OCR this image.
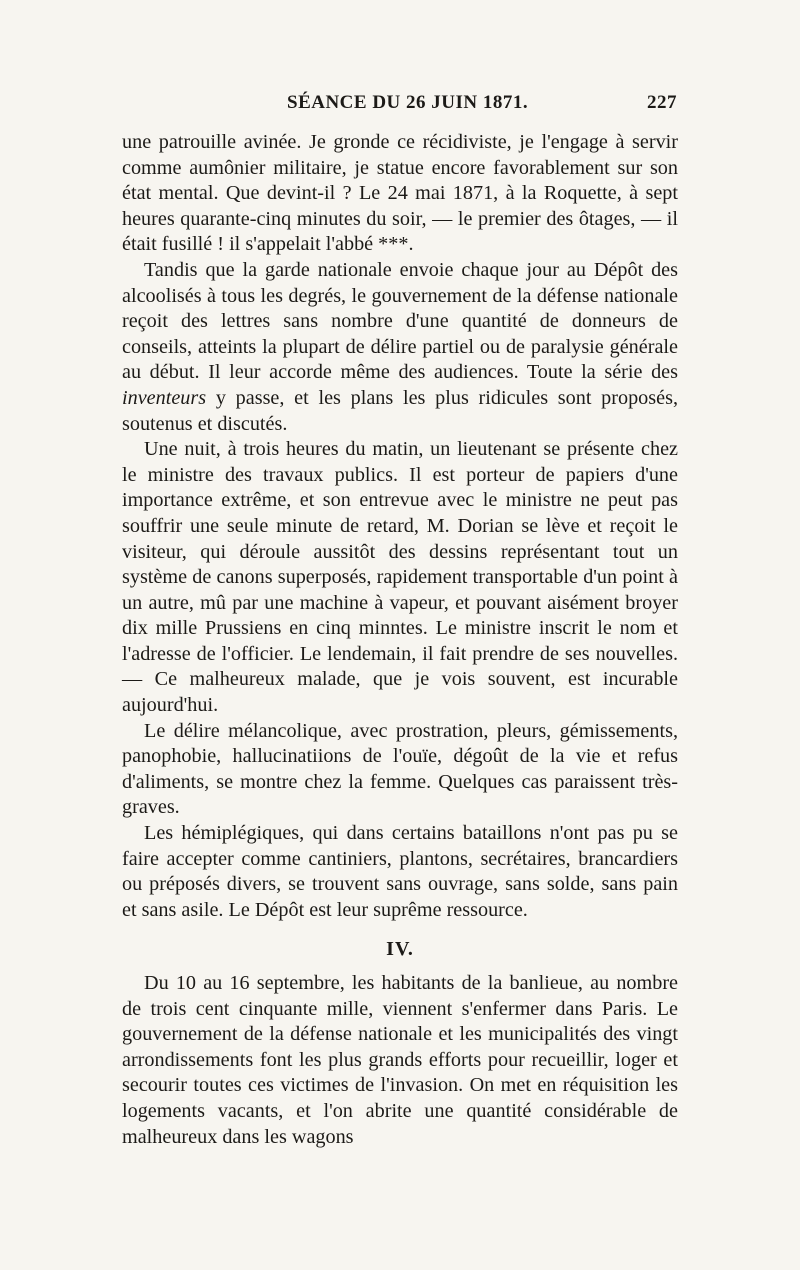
SÉANCE DU 26 JUIN 1871.	227

une patrouille avinée. Je gronde ce récidiviste, je l'engage à servir comme aumônier militaire, je statue encore favorablement sur son état mental. Que devint-il ? Le 24 mai 1871, à la Roquette, à sept heures quarante-cinq minutes du soir, — le premier des ôtages, — il était fusillé ! il s'appelait l'abbé ***.

Tandis que la garde nationale envoie chaque jour au Dépôt des alcoolisés à tous les degrés, le gouvernement de la défense nationale reçoit des lettres sans nombre d'une quantité de donneurs de conseils, atteints la plupart de délire partiel ou de paralysie générale au début. Il leur accorde même des audiences. Toute la série des inventeurs y passe, et les plans les plus ridicules sont proposés, soutenus et discutés.

Une nuit, à trois heures du matin, un lieutenant se présente chez le ministre des travaux publics. Il est porteur de papiers d'une importance extrême, et son entrevue avec le ministre ne peut pas souffrir une seule minute de retard, M. Dorian se lève et reçoit le visiteur, qui déroule aussitôt des dessins représentant tout un système de canons superposés, rapidement transportable d'un point à un autre, mû par une machine à vapeur, et pouvant aisément broyer dix mille Prussiens en cinq minntes. Le ministre inscrit le nom et l'adresse de l'officier. Le lendemain, il fait prendre de ses nouvelles. — Ce malheureux malade, que je vois souvent, est incurable aujourd'hui.

Le délire mélancolique, avec prostration, pleurs, gémissements, panophobie, hallucinatiions de l'ouïe, dégoût de la vie et refus d'aliments, se montre chez la femme. Quelques cas paraissent très-graves.

Les hémiplégiques, qui dans certains bataillons n'ont pas pu se faire accepter comme cantiniers, plantons, secrétaires, brancardiers ou préposés divers, se trouvent sans ouvrage, sans solde, sans pain et sans asile. Le Dépôt est leur suprême ressource.

IV.

Du 10 au 16 septembre, les habitants de la banlieue, au nombre de trois cent cinquante mille, viennent s'enfermer dans Paris. Le gouvernement de la défense nationale et les municipalités des vingt arrondissements font les plus grands efforts pour recueillir, loger et secourir toutes ces victimes de l'invasion. On met en réquisition les logements vacants, et l'on abrite une quantité considérable de malheureux dans les wagons
